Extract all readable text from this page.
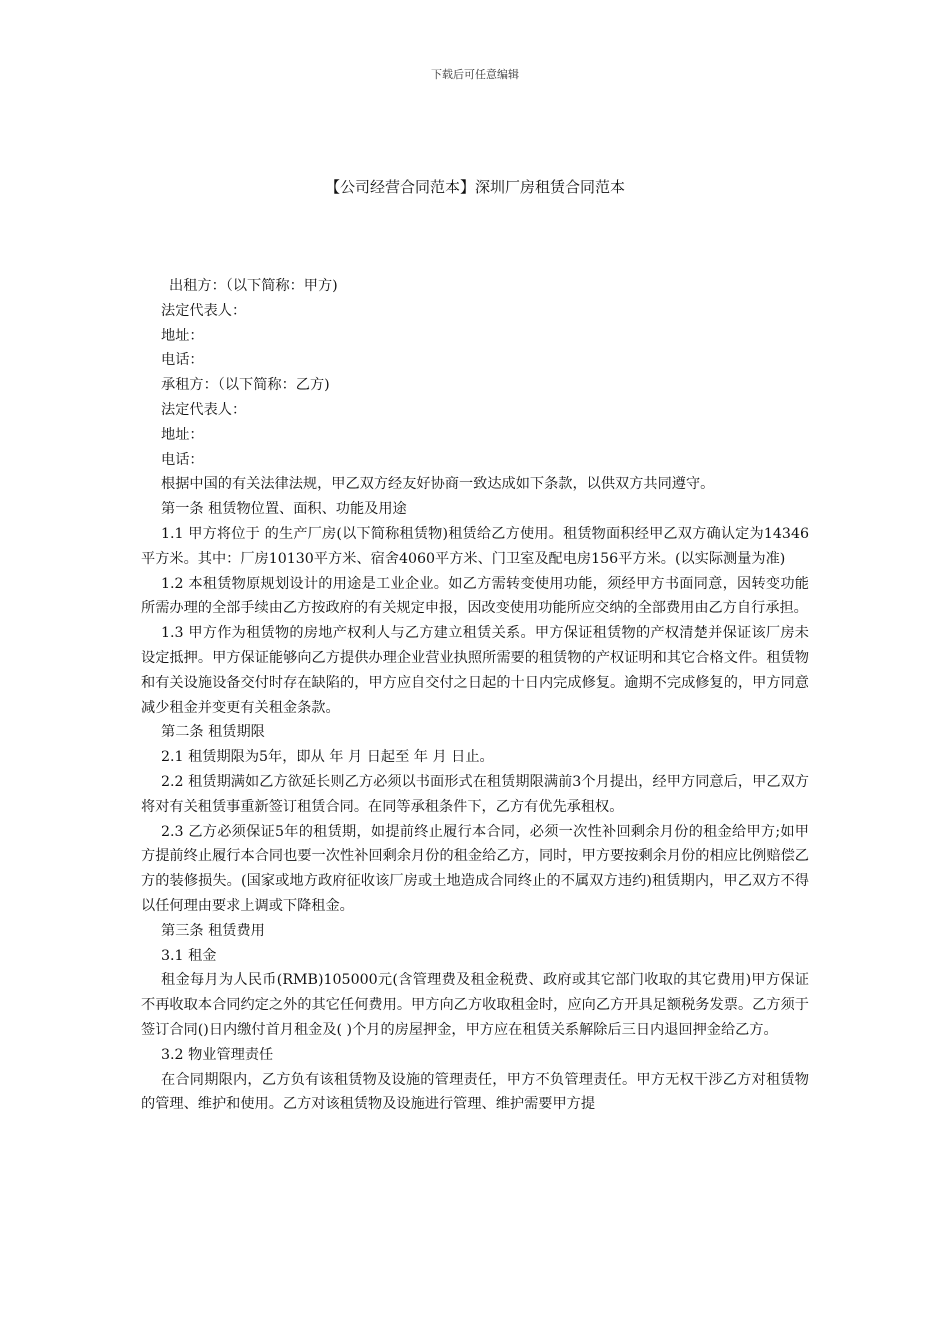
下载后可任意编辑
【公司经营合同范本】深圳厂房租赁合同范本

出租方：（以下简称：甲方)

法定代表人：

地址：

电话：

承租方：（以下简称：乙方)

法定代表人：

地址：

电话：

根据中国的有关法律法规，甲乙双方经友好协商一致达成如下条款，以供双方共同遵守。

第一条 租赁物位置、面积、功能及用途

1.1 甲方将位于 的生产厂房(以下简称租赁物)租赁给乙方使用。租赁物面积经甲乙双方确认定为14346平方米。其中：厂房10130平方米、宿舍4060平方米、门卫室及配电房156平方米。(以实际测量为准)

1.2 本租赁物原规划设计的用途是工业企业。如乙方需转变使用功能，须经甲方书面同意，因转变功能所需办理的全部手续由乙方按政府的有关规定申报，因改变使用功能所应交纳的全部费用由乙方自行承担。

1.3 甲方作为租赁物的房地产权利人与乙方建立租赁关系。甲方保证租赁物的产权清楚并保证该厂房未设定抵押。甲方保证能够向乙方提供办理企业营业执照所需要的租赁物的产权证明和其它合格文件。租赁物和有关设施设备交付时存在缺陷的，甲方应自交付之日起的十日内完成修复。逾期不完成修复的，甲方同意减少租金并变更有关租金条款。

第二条 租赁期限

2.1 租赁期限为5年，即从 年 月 日起至 年 月 日止。

2.2 租赁期满如乙方欲延长则乙方必须以书面形式在租赁期限满前3个月提出，经甲方同意后，甲乙双方将对有关租赁事重新签订租赁合同。在同等承租条件下，乙方有优先承租权。

2.3 乙方必须保证5年的租赁期，如提前终止履行本合同，必须一次性补回剩余月份的租金给甲方;如甲方提前终止履行本合同也要一次性补回剩余月份的租金给乙方，同时，甲方要按剩余月份的相应比例赔偿乙方的装修损失。(国家或地方政府征收该厂房或土地造成合同终止的不属双方违约)租赁期内，甲乙双方不得以任何理由要求上调或下降租金。

第三条 租赁费用

3.1 租金

租金每月为人民币(RMB)105000元(含管理费及租金税费、政府或其它部门收取的其它费用)甲方保证不再收取本合同约定之外的其它任何费用。甲方向乙方收取租金时，应向乙方开具足额税务发票。乙方须于签订合同()日内缴付首月租金及( )个月的房屋押金，甲方应在租赁关系解除后三日内退回押金给乙方。

3.2 物业管理责任

在合同期限内，乙方负有该租赁物及设施的管理责任，甲方不负管理责任。甲方无权干涉乙方对租赁物的管理、维护和使用。乙方对该租赁物及设施进行管理、维护需要甲方提
